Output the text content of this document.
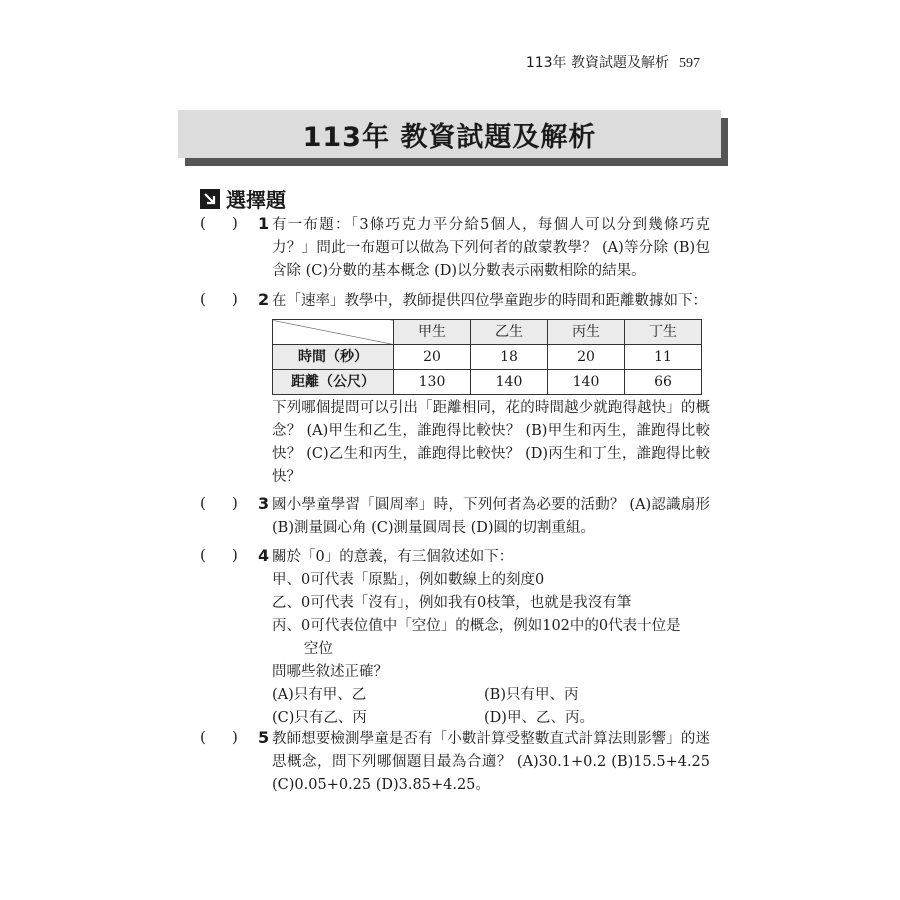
113年 教資試題及解析 597
113年 教資試題及解析
選擇題
( ) 1 有一布題：「3條巧克力平分給5個人，每個人可以分到幾條巧克力？」問此一布題可以做為下列何者的啟蒙教學？ (A)等分除 (B)包含除 (C)分數的基本概念 (D)以分數表示兩數相除的結果。

( ) 2 在「速率」教學中，教師提供四位學童跑步的時間和距離數據如下：

	甲生	乙生	丙生	丁生
時間（秒）	20	18	20	11
距離（公尺）	130	140	140	66

下列哪個提問可以引出「距離相同，花的時間越少就跑得越快」的概念？ (A)甲生和乙生，誰跑得比較快？ (B)甲生和丙生，誰跑得比較快？ (C)乙生和丙生，誰跑得比較快？ (D)丙生和丁生，誰跑得比較快？

( ) 3 國小學童學習「圓周率」時，下列何者為必要的活動？ (A)認識扇形 (B)測量圓心角 (C)測量圓周長 (D)圓的切割重組。

( ) 4 關於「0」的意義，有三個敘述如下：

甲、0可代表「原點」，例如數線上的刻度0

乙、0可代表「沒有」，例如我有0枝筆，也就是我沒有筆

丙、0可代表位值中「空位」的概念，例如102中的0代表十位是

空位

問哪些敘述正確？

(A)只有甲、乙	(B)只有甲、丙
(C)只有乙、丙	(D)甲、乙、丙。
( ) 5 教師想要檢測學童是否有「小數計算受整數直式計算法則影響」的迷思概念，問下列哪個題目最為合適？ (A)30.1+0.2 (B)15.5+4.25 (C)0.05+0.25 (D)3.85+4.25。
